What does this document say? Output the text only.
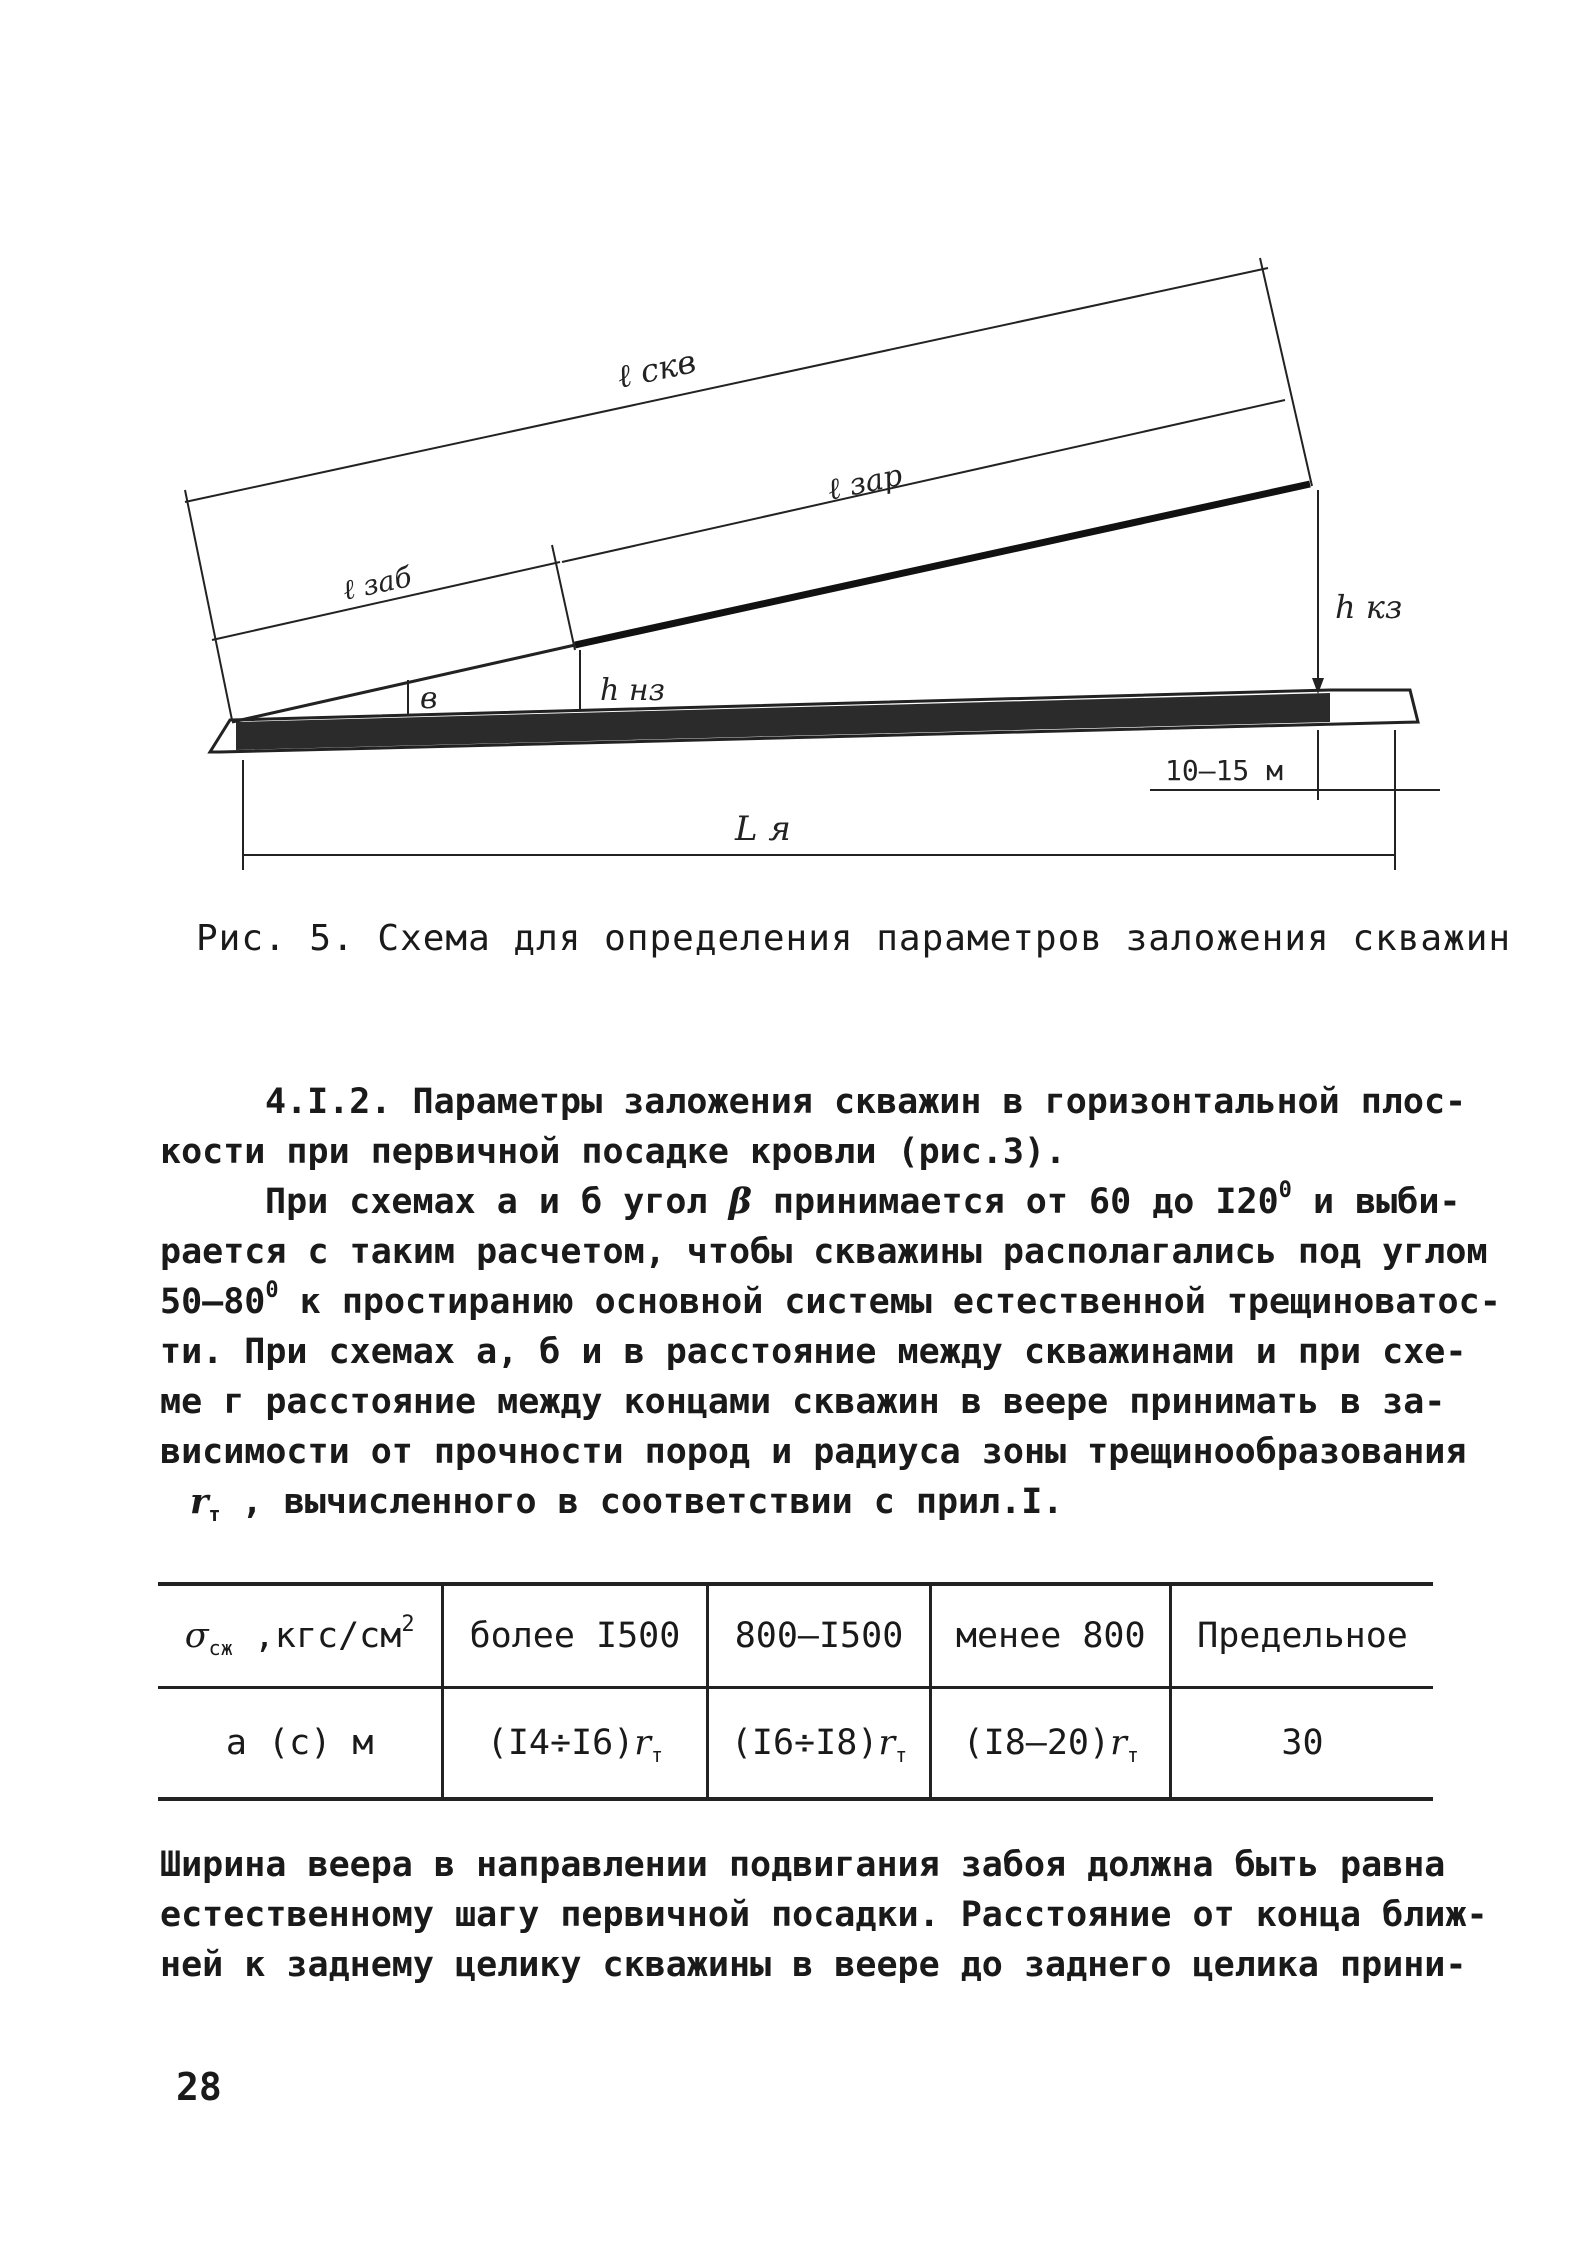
ℓ скв
ℓ зар
ℓ заб
в	h нз
h кз
10–15 м
L я
Рис. 5. Схема для определения параметров заложения скважин

4.I.2. Параметры заложения скважин в горизонтальной плос-

кости при первичной посадке кровли (рис.3).

При схемах а и б угол β принимается от 60 до $I20^0$ и выби-

рается с таким расчетом, чтобы скважины располагались под углом

$50-80^0$ к простиранию основной системы естественной трещиноватос-

ти. При схемах а, б и в расстояние между скважинами и при схе-

ме г расстояние между концами скважин в веере принимать в за-

висимости от прочности пород и радиуса зоны трещинообразования

$r_т$ , вычисленного в соответствии с прил.I.

$\sigma_{сж}$ $,кгс/см^2$	более I500	800–I500	менее 800	Предельное
a (c) м	$(I4\div I6)r_т$	$(I6\div I8)r_т$	$(I8-20)r_т$	30

Ширина веера в направлении подвигания забоя должна быть равна

естественному шагу первичной посадки. Расстояние от конца ближ-

ней к заднему целику скважины в веере до заднего целика прини-

28
